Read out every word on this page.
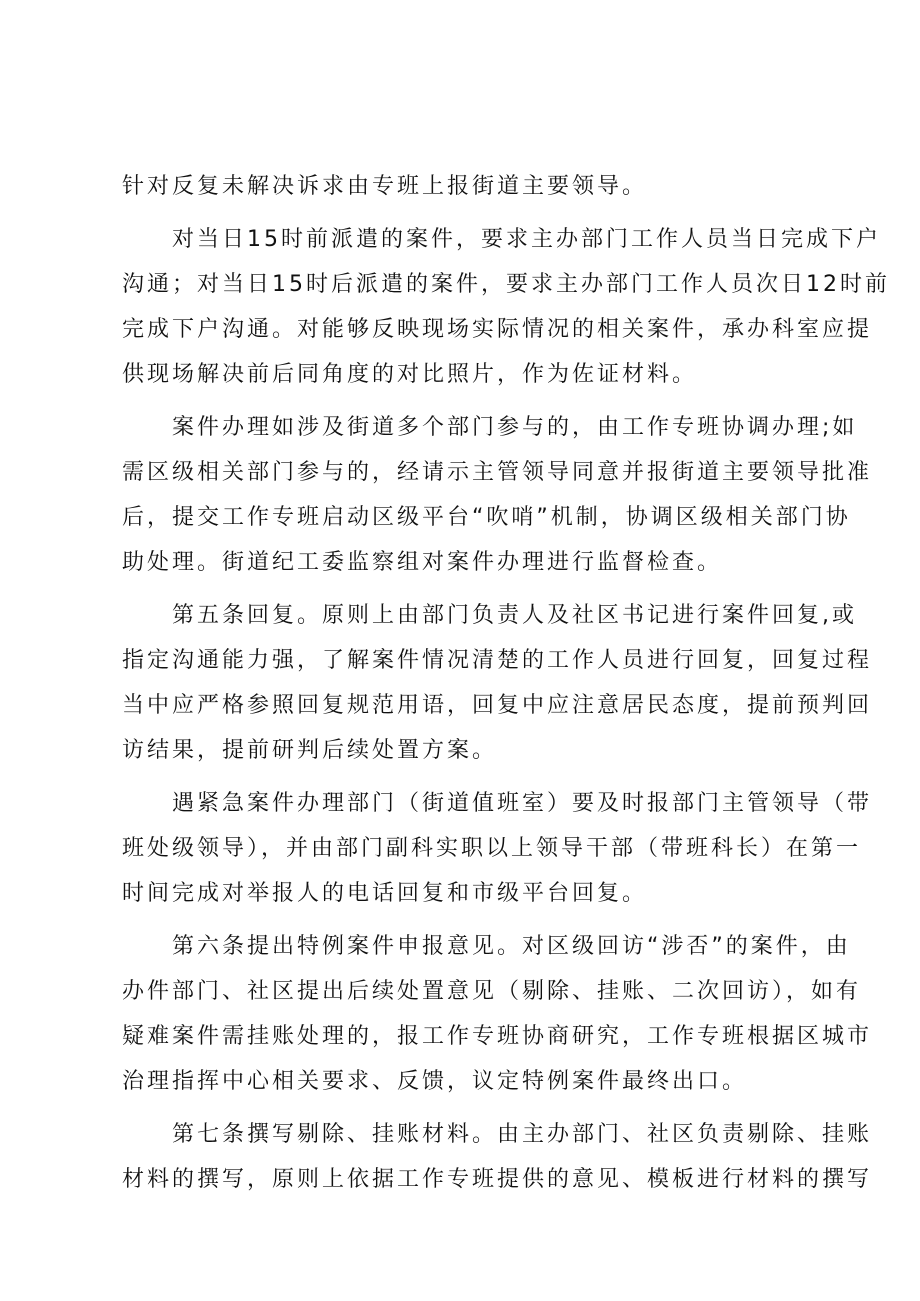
针对反复未解决诉求由专班上报街道主要领导。
对当日15时前派遣的案件，要求主办部门工作人员当日完成下户
沟通；对当日15时后派遣的案件，要求主办部门工作人员次日12时前
完成下户沟通。对能够反映现场实际情况的相关案件，承办科室应提
供现场解决前后同角度的对比照片，作为佐证材料。
案件办理如涉及街道多个部门参与的，由工作专班协调办理;如
需区级相关部门参与的，经请示主管领导同意并报街道主要领导批准
后，提交工作专班启动区级平台“吹哨”机制，协调区级相关部门协
助处理。街道纪工委监察组对案件办理进行监督检查。
第五条回复。原则上由部门负责人及社区书记进行案件回复,或
指定沟通能力强，了解案件情况清楚的工作人员进行回复，回复过程
当中应严格参照回复规范用语，回复中应注意居民态度，提前预判回
访结果，提前研判后续处置方案。
遇紧急案件办理部门（街道值班室）要及时报部门主管领导（带
班处级领导），并由部门副科实职以上领导干部（带班科长）在第一
时间完成对举报人的电话回复和市级平台回复。
第六条提出特例案件申报意见。对区级回访“涉否”的案件，由
办件部门、社区提出后续处置意见（剔除、挂账、二次回访），如有
疑难案件需挂账处理的，报工作专班协商研究，工作专班根据区城市
治理指挥中心相关要求、反馈，议定特例案件最终出口。
第七条撰写剔除、挂账材料。由主办部门、社区负责剔除、挂账
材料的撰写，原则上依据工作专班提供的意见、模板进行材料的撰写
